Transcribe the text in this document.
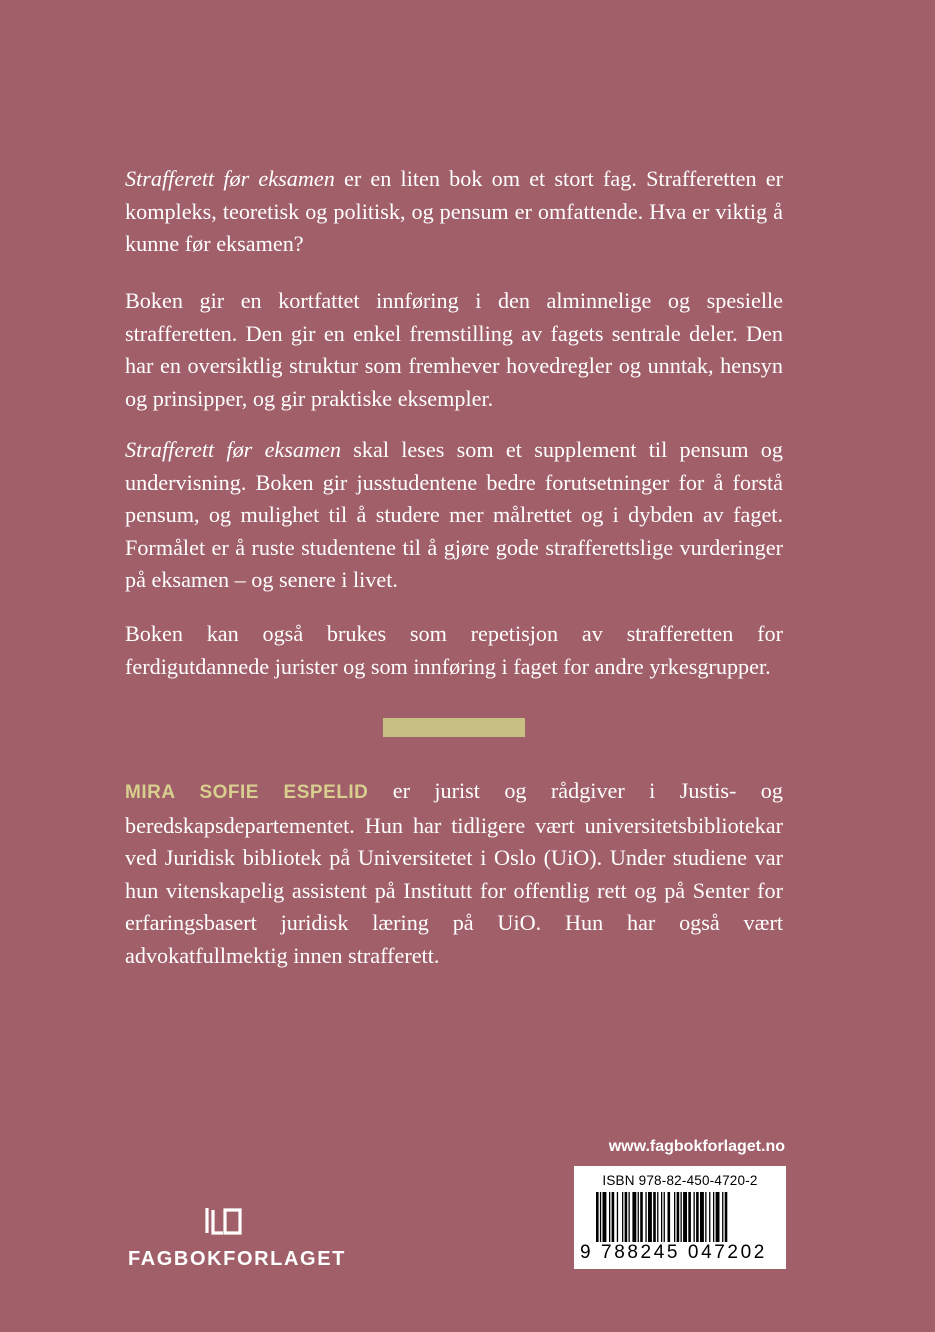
Strafferett før eksamen er en liten bok om et stort fag. Strafferetten er kompleks, teoretisk og politisk, og pensum er omfattende. Hva er viktig å kunne før eksamen?

Boken gir en kortfattet innføring i den alminnelige og spesielle strafferetten. Den gir en enkel fremstilling av fagets sentrale deler. Den har en oversiktlig struktur som fremhever hovedregler og unntak, hensyn og prinsipper, og gir praktiske eksempler.

Strafferett før eksamen skal leses som et supplement til pensum og undervisning. Boken gir jusstudentene bedre forutsetninger for å forstå pensum, og mulighet til å studere mer målrettet og i dybden av faget. Formålet er å ruste studentene til å gjøre gode strafferettslige vurderinger på eksamen – og senere i livet.

Boken kan også brukes som repetisjon av strafferetten for ferdigutdannede jurister og som innføring i faget for andre yrkesgrupper.

MIRA SOFIE ESPELID er jurist og rådgiver i Justis- og beredskapsdepartementet. Hun har tidligere vært universitetsbibliotekar ved Juridisk bibliotek på Universitetet i Oslo (UiO). Under studiene var hun vitenskapelig assistent på Institutt for offentlig rett og på Senter for erfaringsbasert juridisk læring på UiO. Hun har også vært advokatfullmektig innen strafferett.

www.fagbokforlaget.no
ISBN 978-82-450-4720-2
9 788245 047202
FAGBOKFORLAGET
